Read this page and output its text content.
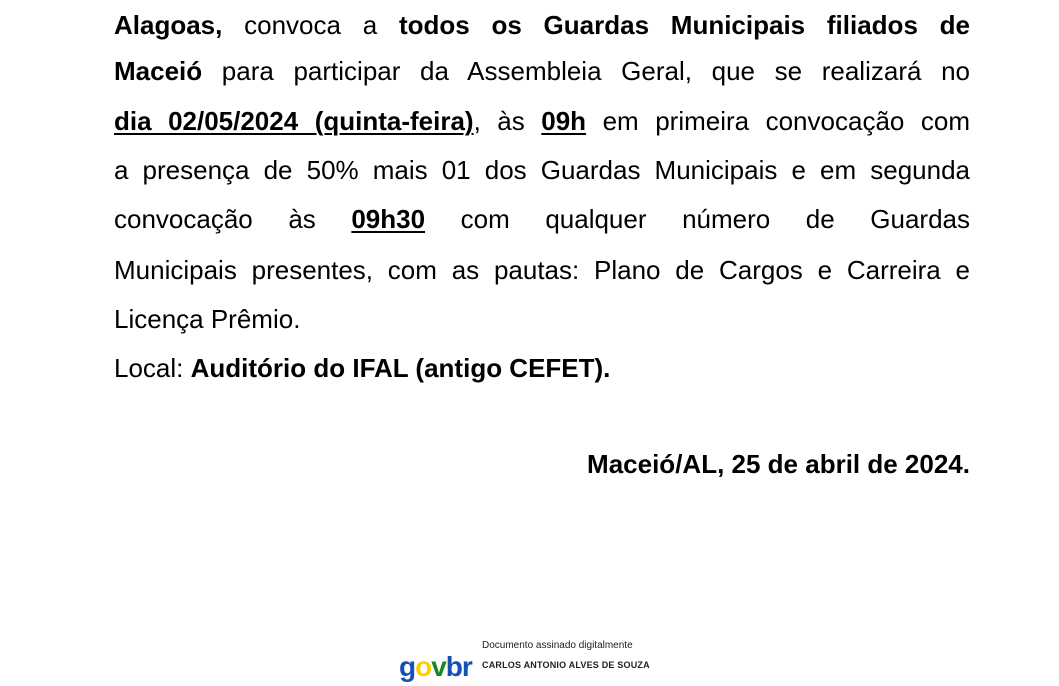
Alagoas, convoca a todos os Guardas Municipais filiados de
Maceió para participar da Assembleia Geral, que se realizará no
dia 02/05/2024 (quinta-feira), às 09h em primeira convocação com
a presença de 50% mais 01 dos Guardas Municipais e em segunda
convocação às 09h30 com qualquer número de Guardas
Municipais presentes, com as pautas: Plano de Cargos e Carreira e
Licença Prêmio.
Local: Auditório do IFAL (antigo CEFET).
Maceió/AL, 25 de abril de 2024.
govbr
Documento assinado digitalmente
CARLOS ANTONIO ALVES DE SOUZA
